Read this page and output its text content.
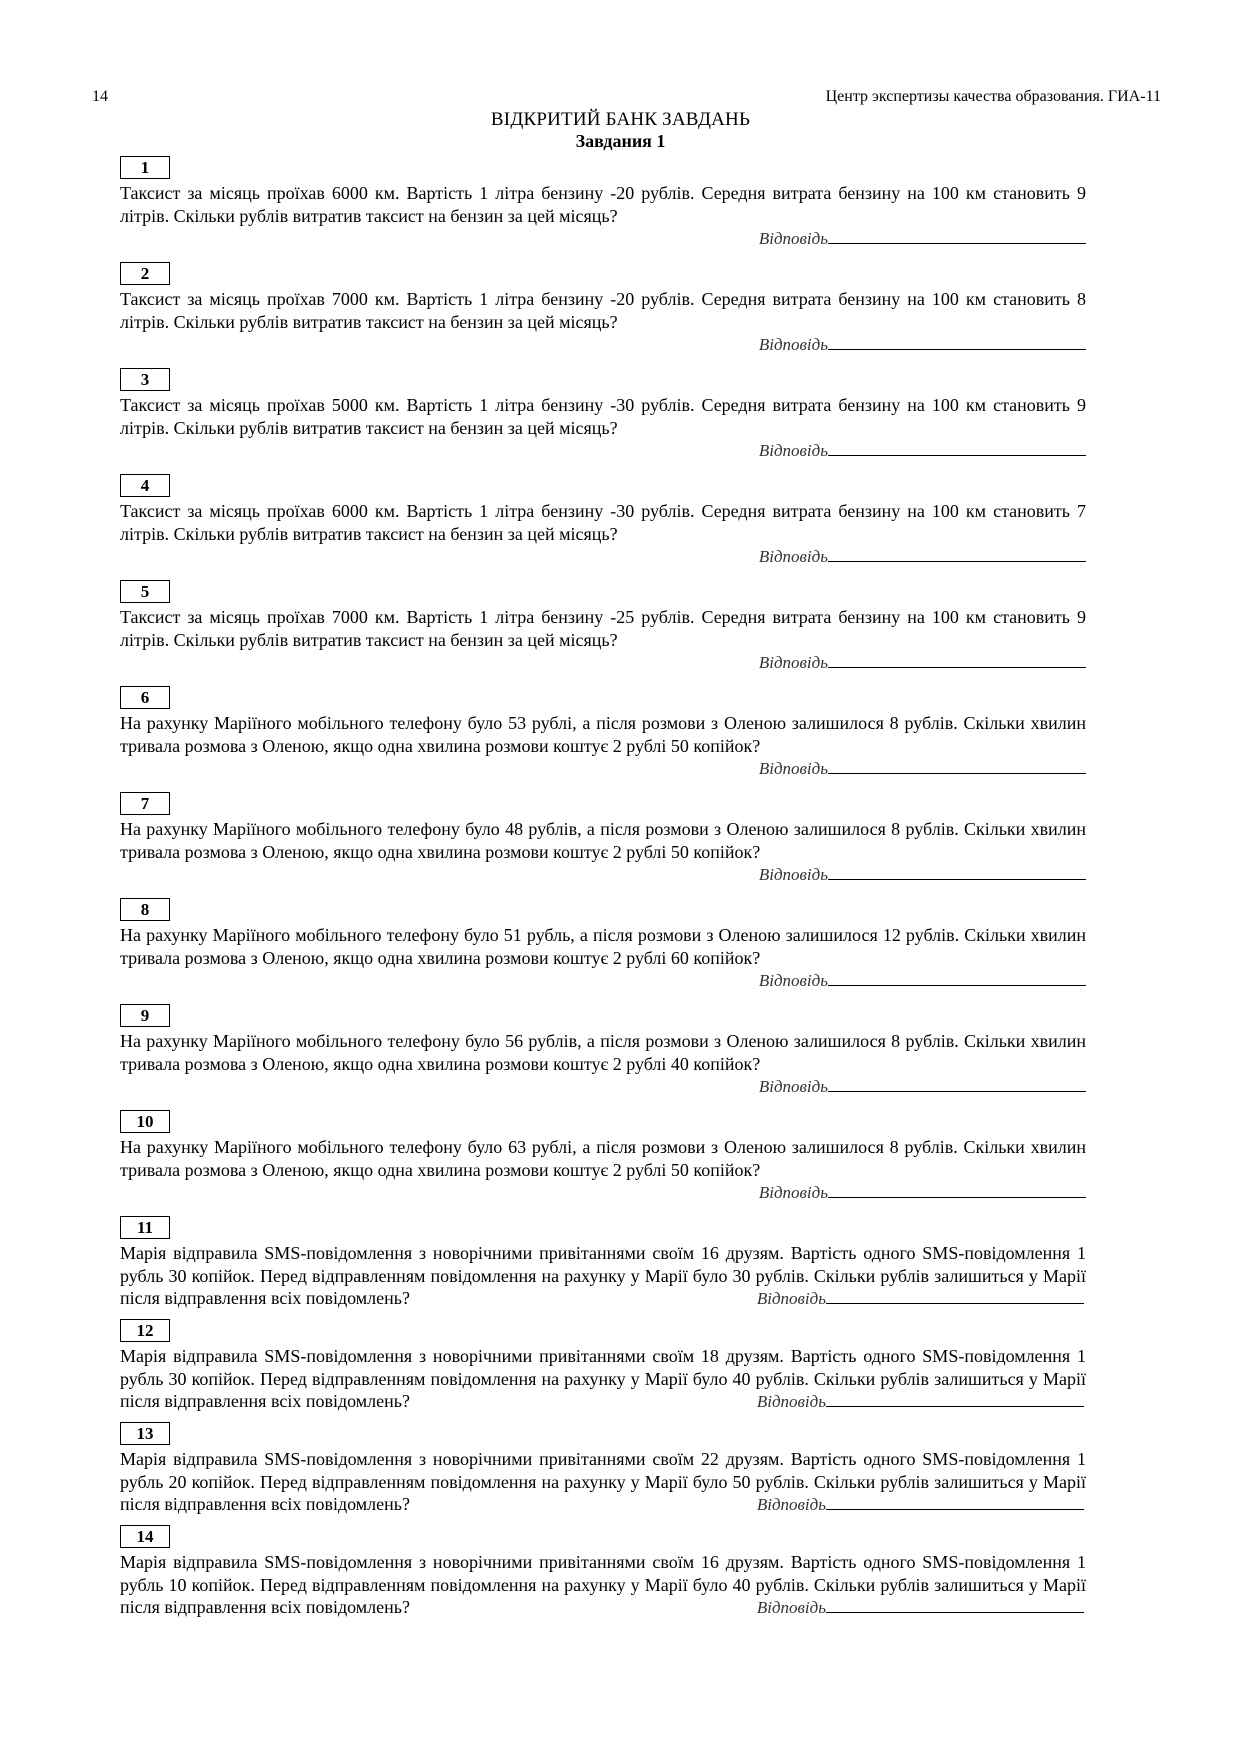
14	Центр экспертизы качества образования. ГИА-11
ВІДКРИТИЙ БАНК ЗАВДАНЬ
Завдания 1
1
Таксист за місяць проїхав 6000 км. Вартість 1 літра бензину -20 рублів. Середня витрата бензину на 100 км становить 9 літрів. Скільки рублів витратив таксист на бензин за цей місяць?
Відповідь
2
Таксист за місяць проїхав 7000 км. Вартість 1 літра бензину -20 рублів. Середня витрата бензину на 100 км становить 8 літрів. Скільки рублів витратив таксист на бензин за цей місяць?
Відповідь
3
Таксист за місяць проїхав 5000 км. Вартість 1 літра бензину -30 рублів. Середня витрата бензину на 100 км становить 9 літрів. Скільки рублів витратив таксист на бензин за цей місяць?
Відповідь
4
Таксист за місяць проїхав 6000 км. Вартість 1 літра бензину -30 рублів. Середня витрата бензину на 100 км становить 7 літрів. Скільки рублів витратив таксист на бензин за цей місяць?
Відповідь
5
Таксист за місяць проїхав 7000 км. Вартість 1 літра бензину -25 рублів. Середня витрата бензину на 100 км становить 9 літрів. Скільки рублів витратив таксист на бензин за цей місяць?
Відповідь
6
На рахунку Маріїного мобільного телефону було 53 рублі, а після розмови з Оленою залишилося 8 рублів. Скільки хвилин тривала розмова з Оленою, якщо одна хвилина розмови коштує 2 рублі 50 копійок?
Відповідь
7
На рахунку Маріїного мобільного телефону було 48 рублів, а після розмови з Оленою залишилося 8 рублів. Скільки хвилин тривала розмова з Оленою, якщо одна хвилина розмови коштує 2 рублі 50 копійок?
Відповідь
8
На рахунку Маріїного мобільного телефону було 51 рубль, а після розмови з Оленою залишилося 12 рублів. Скільки хвилин тривала розмова з Оленою, якщо одна хвилина розмови коштує 2 рублі 60 копійок?
Відповідь
9
На рахунку Маріїного мобільного телефону було 56 рублів, а після розмови з Оленою залишилося 8 рублів. Скільки хвилин тривала розмова з Оленою, якщо одна хвилина розмови коштує 2 рублі 40 копійок?
Відповідь
10
На рахунку Маріїного мобільного телефону було 63 рублі, а після розмови з Оленою залишилося 8 рублів. Скільки хвилин тривала розмова з Оленою, якщо одна хвилина розмови коштує 2 рублі 50 копійок?
Відповідь
11
Марія відправила SMS-повідомлення з новорічними привітаннями своїм 16 друзям. Вартість одного SMS-повідомлення 1 рубль 30 копійок. Перед відправленням повідомлення на рахунку у Марії було 30 рублів. Скільки
Відповідь
рублів залишиться у Марії після відправлення всіх повідомлень?
12
Марія відправила SMS-повідомлення з новорічними привітаннями своїм 18 друзям. Вартість одного SMS-повідомлення 1 рубль 30 копійок. Перед відправленням повідомлення на рахунку у Марії було 40 рублів. Скільки
Відповідь
рублів залишиться у Марії після відправлення всіх повідомлень?
13
Марія відправила SMS-повідомлення з новорічними привітаннями своїм 22 друзям. Вартість одного SMS-повідомлення 1 рубль 20 копійок. Перед відправленням повідомлення на рахунку у Марії було 50 рублів. Скільки
Відповідь
рублів залишиться у Марії після відправлення всіх повідомлень?
14
Марія відправила SMS-повідомлення з новорічними привітаннями своїм 16 друзям. Вартість одного SMS-повідомлення 1 рубль 10 копійок. Перед відправленням повідомлення на рахунку у Марії було 40 рублів. Скільки
Відповідь
рублів залишиться у Марії після відправлення всіх повідомлень?
